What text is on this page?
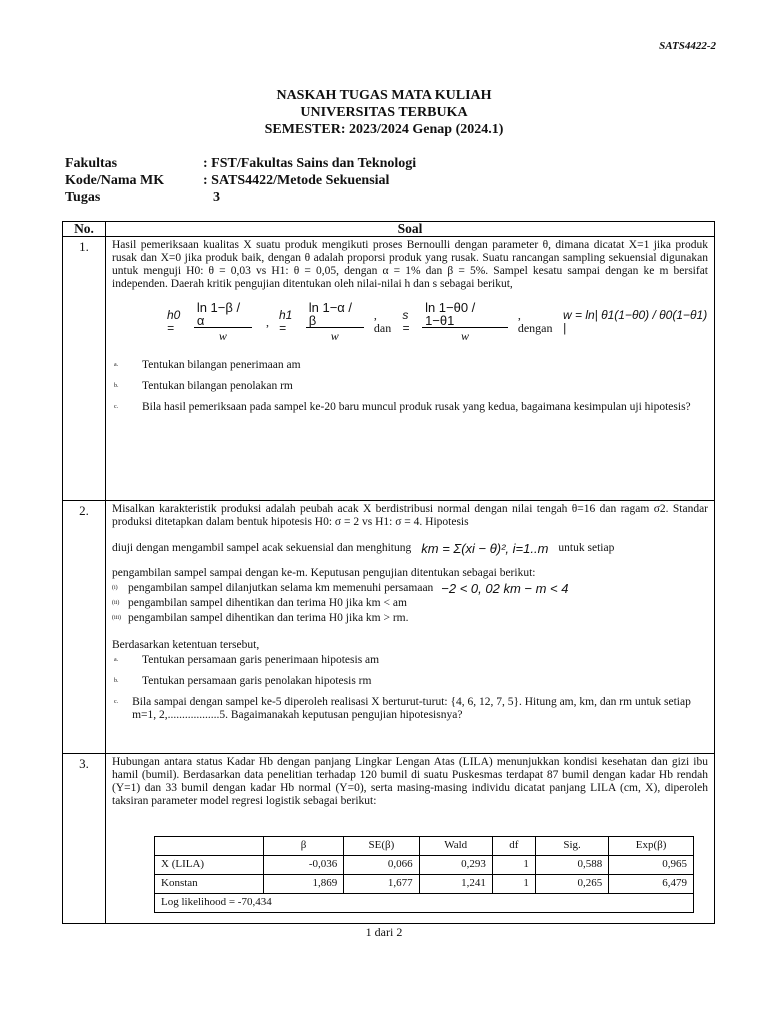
SATS4422-2
NASKAH TUGAS MATA KULIAH
UNIVERSITAS TERBUKA
SEMESTER: 2023/2024 Genap (2024.1)
Fakultas	: FST/Fakultas Sains dan Teknologi
Kode/Nama MK	: SATS4422/Metode Sekuensial
Tugas	3
No.	Soal
1.	Hasil pemeriksaan kualitas X suatu produk mengikuti proses Bernoulli dengan parameter θ, dimana dicatat X=1 jika produk rusak dan X=0 jika produk baik, dengan θ adalah proporsi produk yang rusak. Suatu rancangan sampling sekuensial digunakan untuk menguji H0: θ = 0,03 vs H1: θ = 0,05, dengan α = 1% dan β = 5%. Sampel kesatu sampai dengan ke m bersifat independen. Daerah kritik pengujian ditentukan oleh nilai-nilai h dan s sebagai berikut,
h0 =	$\frac{\ln 1-\beta / \alpha}{w}$ , h1 =	$\frac{\ln 1-\alpha / \beta}{w}$ , dan
$s = \frac{\ln 1-\theta 0 / 1-\theta 1}{w}$ , dengan
w = ln| θ1(1−θ0) / θ0(1−θ1) |
a.	Tentukan bilangan penerimaan am
b.	Tentukan bilangan penolakan rm
c.	Bila hasil pemeriksaan pada sampel ke-20 baru muncul produk rusak yang kedua, bagaimana kesimpulan uji hipotesis?

2.	Misalkan karakteristik produksi adalah peubah acak X berdistribusi normal dengan nilai tengah θ=16 dan ragam σ2. Standar produksi ditetapkan dalam bentuk hipotesis H0: σ = 2 vs H1: σ = 4. Hipotesis
diuji dengan mengambil sampel acak sekuensial dan menghitung km = Σ(xi − θ)², i=1..m untuk setiap
pengambilan sampel sampai dengan ke-m. Keputusan pengujian ditentukan sebagai berikut:
(i) pengambilan sampel dilanjutkan selama km memenuhi persamaan −2 < 0, 02 km − m < 4
(ii) pengambilan sampel dihentikan dan terima H0 jika km < am
(iii) pengambilan sampel dihentikan dan terima H0 jika km > rm.
Berdasarkan ketentuan tersebut,
a.	Tentukan persamaan garis penerimaan hipotesis am
b.	Tentukan persamaan garis penolakan hipotesis rm
c.	Bila sampai dengan sampel ke-5 diperoleh realisasi X berturut-turut: {4, 6, 12, 7, 5}. Hitung am, km, dan rm untuk setiap m=1, 2,..................5. Bagaimanakah keputusan pengujian hipotesisnya?

3.	Hubungan antara status Kadar Hb dengan panjang Lingkar Lengan Atas (LILA) menunjukkan kondisi kesehatan dan gizi ibu hamil (bumil). Berdasarkan data penelitian terhadap 120 bumil di suatu Puskesmas terdapat 87 bumil dengan kadar Hb rendah (Y=1) dan 33 bumil dengan kadar Hb normal (Y=0), serta masing-masing individu dicatat panjang LILA (cm, X), diperoleh taksiran parameter model regresi logistik sebagai berikut:
	β	SE(β)	Wald	df	Sig.	Exp(β)
X (LILA)	-0,036	0,066	0,293	1	0,588	0,965
Konstan	1,869	1,677	1,241	1	0,265	6,479
Log likelihood = -70,434
1 dari 2
